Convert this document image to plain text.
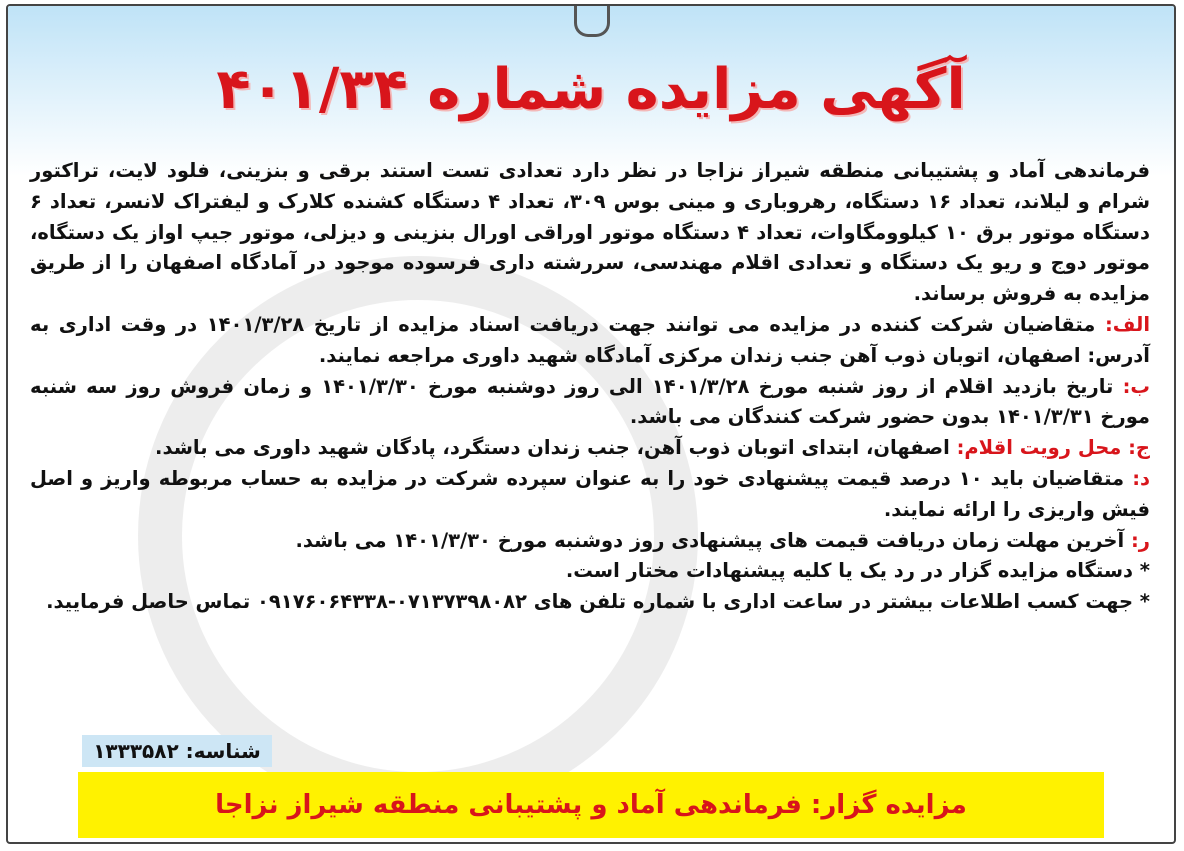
آگهی مزایده شماره ۴۰۱/۳۴

فرماندهی آماد و پشتیبانی منطقه شیراز نزاجا در نظر دارد تعدادی تست استند برقی و بنزینی، فلود لایت، تراکتور شرام و لیلاند، تعداد ۱۶ دستگاه، رهروباری و مینی بوس ۳۰۹، تعداد ۴ دستگاه کشنده کلارک و لیفتراک لانسر، تعداد ۶ دستگاه موتور برق ۱۰ کیلوومگاوات، تعداد ۴ دستگاه موتور اوراقی اورال بنزینی و دیزلی، موتور جیپ اواز یک دستگاه، موتور دوج و ریو یک دستگاه و تعدادی اقلام مهندسی، سررشته داری فرسوده موجود در آمادگاه اصفهان را از طریق مزایده به فروش برساند.

الف: متقاضیان شرکت کننده در مزایده می توانند جهت دریافت اسناد مزایده از تاریخ ۱۴۰۱/۳/۲۸ در وقت اداری به آدرس: اصفهان، اتوبان ذوب آهن جنب زندان مرکزی آمادگاه شهید داوری مراجعه نمایند.

ب: تاریخ بازدید اقلام از روز شنبه مورخ ۱۴۰۱/۳/۲۸ الی روز دوشنبه مورخ ۱۴۰۱/۳/۳۰ و زمان فروش روز سه شنبه مورخ ۱۴۰۱/۳/۳۱ بدون حضور شرکت کنندگان می باشد.

ج: محل رویت اقلام: اصفهان، ابتدای اتوبان ذوب آهن، جنب زندان دستگرد، پادگان شهید داوری می باشد.

د: متقاضیان باید ۱۰ درصد قیمت پیشنهادی خود را به عنوان سپرده شرکت در مزایده به حساب مربوطه واریز و اصل فیش واریزی را ارائه نمایند.

ر: آخرین مهلت زمان دریافت قیمت های پیشنهادی روز دوشنبه مورخ ۱۴۰۱/۳/۳۰ می باشد.

* دستگاه مزایده گزار در رد یک یا کلیه پیشنهادات مختار است.

* جهت کسب اطلاعات بیشتر در ساعت اداری با شماره تلفن های ۰۷۱۳۷۳۹۸۰۸۲-۰۹۱۷۶۰۶۴۳۳۸ تماس حاصل فرمایید.

شناسه: ۱۳۳۳۵۸۲
مزایده گزار: فرماندهی آماد و پشتیبانی منطقه شیراز نزاجا
